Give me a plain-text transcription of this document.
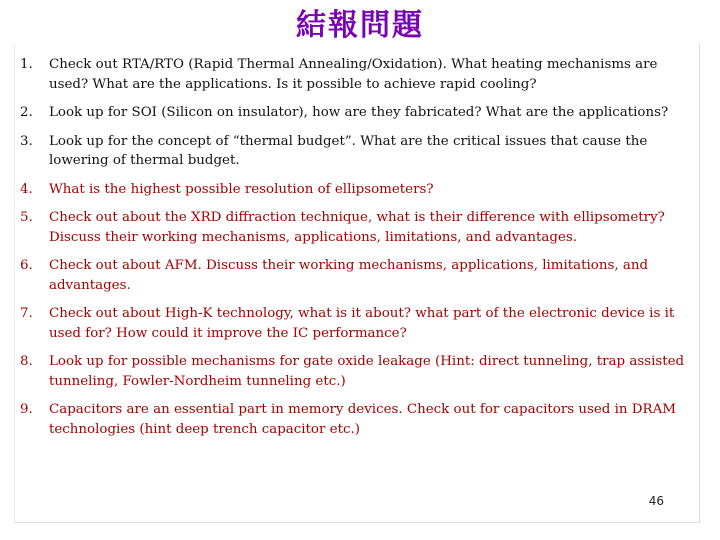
結報問題
1.	Check out RTA/RTO (Rapid Thermal Annealing/Oxidation). What heating mechanisms are used? What are the applications. Is it possible to achieve rapid cooling?
2.	Look up for SOI (Silicon on insulator), how are they fabricated? What are the applications?
3.	Look up for the concept of “thermal budget”. What are the critical issues that cause the lowering of thermal budget.
4.	What is the highest possible resolution of ellipsometers?
5.	Check out about the XRD diffraction technique, what is their difference with ellipsometry? Discuss their working mechanisms, applications, limitations, and advantages.
6.	Check out about AFM. Discuss their working mechanisms, applications, limitations, and advantages.
7.	Check out about High-K technology, what is it about? what part of the electronic device is it used for? How could it improve the IC performance?
8.	Look up for possible mechanisms for gate oxide leakage (Hint: direct tunneling, trap assisted tunneling, Fowler-Nordheim tunneling etc.)
9.	Capacitors are an essential part in memory devices. Check out for capacitors used in DRAM technologies (hint deep trench capacitor etc.)
46
